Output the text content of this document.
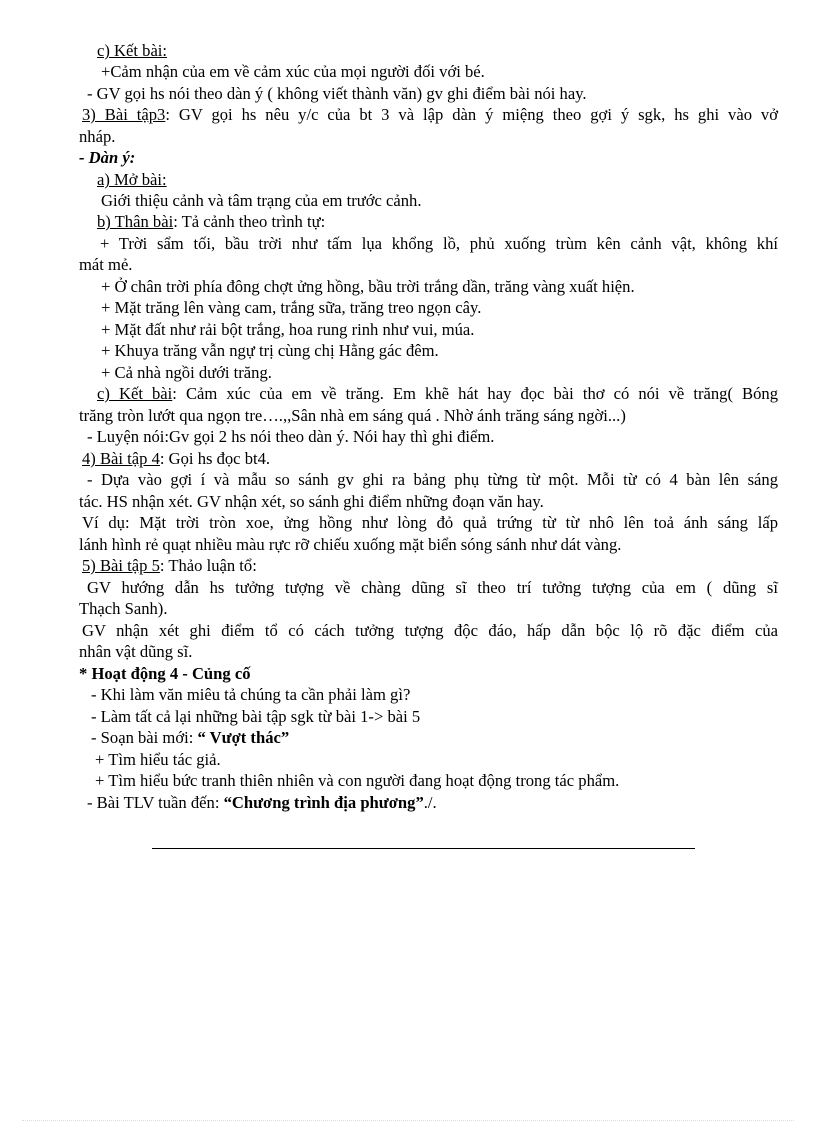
c) Kết bài:
+Cảm nhận của em về cảm xúc của mọi người đối với bé.
- GV gọi hs nói theo dàn ý ( không viết thành văn) gv ghi điểm bài nói hay.
3) Bài tập3: GV gọi hs nêu y/c của bt 3 và lập dàn ý miệng theo gợi ý sgk, hs ghi vào vở
nháp.
- Dàn ý:
a) Mở bài:
Giới thiệu cảnh và tâm trạng của em trước cảnh.
b) Thân bài: Tả cảnh theo trình tự:
+ Trời sẩm tối, bầu trời như tấm lụa khổng lồ, phủ xuống trùm kên cảnh vật, không khí
mát mẻ.
+ Ở chân trời phía đông chợt ửng hồng, bầu trời trắng dần, trăng vàng xuất hiện.
+ Mặt trăng lên vàng cam, trắng sữa, trăng treo ngọn cây.
+ Mặt đất như rải bột trắng, hoa rung rinh như vui, múa.
+ Khuya trăng vẫn ngự trị cùng chị Hằng gác đêm.
+ Cả nhà ngồi dưới trăng.
c) Kết bài: Cảm xúc của em về trăng. Em khẽ hát hay đọc bài thơ có nói về trăng( Bóng
trăng tròn lướt qua ngọn tre….,,Sân nhà em sáng quá . Nhờ ánh trăng sáng ngời...)
- Luyện nói:Gv gọi 2 hs nói theo dàn ý. Nói hay thì ghi điểm.
4) Bài tập 4: Gọi hs đọc bt4.
- Dựa vào gợi í và mẫu so sánh gv ghi ra bảng phụ từng từ một. Mỗi từ có 4 bàn lên sáng
tác. HS nhận xét. GV nhận xét, so sánh ghi điểm những đoạn văn hay.
Ví dụ: Mặt trời tròn xoe, ửng hồng như lòng đỏ quả trứng từ từ nhô lên toả ánh sáng lấp
lánh hình rẻ quạt nhiều màu rực rỡ chiếu xuống mặt biển sóng sánh như dát vàng.
5) Bài tập 5: Thảo luận tổ:
GV hướng dẫn hs tưởng tượng về chàng dũng sĩ theo trí tưởng tượng của em ( dũng sĩ
Thạch Sanh).
GV nhận xét ghi điểm tổ có cách tưởng tượng độc đáo, hấp dẫn bộc lộ rõ đặc điểm của
nhân vật dũng sĩ.
* Hoạt động 4 - Củng cố
- Khi làm văn miêu tả chúng ta cần phải làm gì?
- Làm tất cả lại những bài tập sgk từ bài 1-> bài 5
- Soạn bài mới: “ Vượt thác”
+ Tìm hiểu tác giả.
+ Tìm hiểu bức tranh thiên nhiên và con người đang hoạt động trong tác phẩm.
- Bài TLV tuần đến: “Chương trình địa phương”./.
